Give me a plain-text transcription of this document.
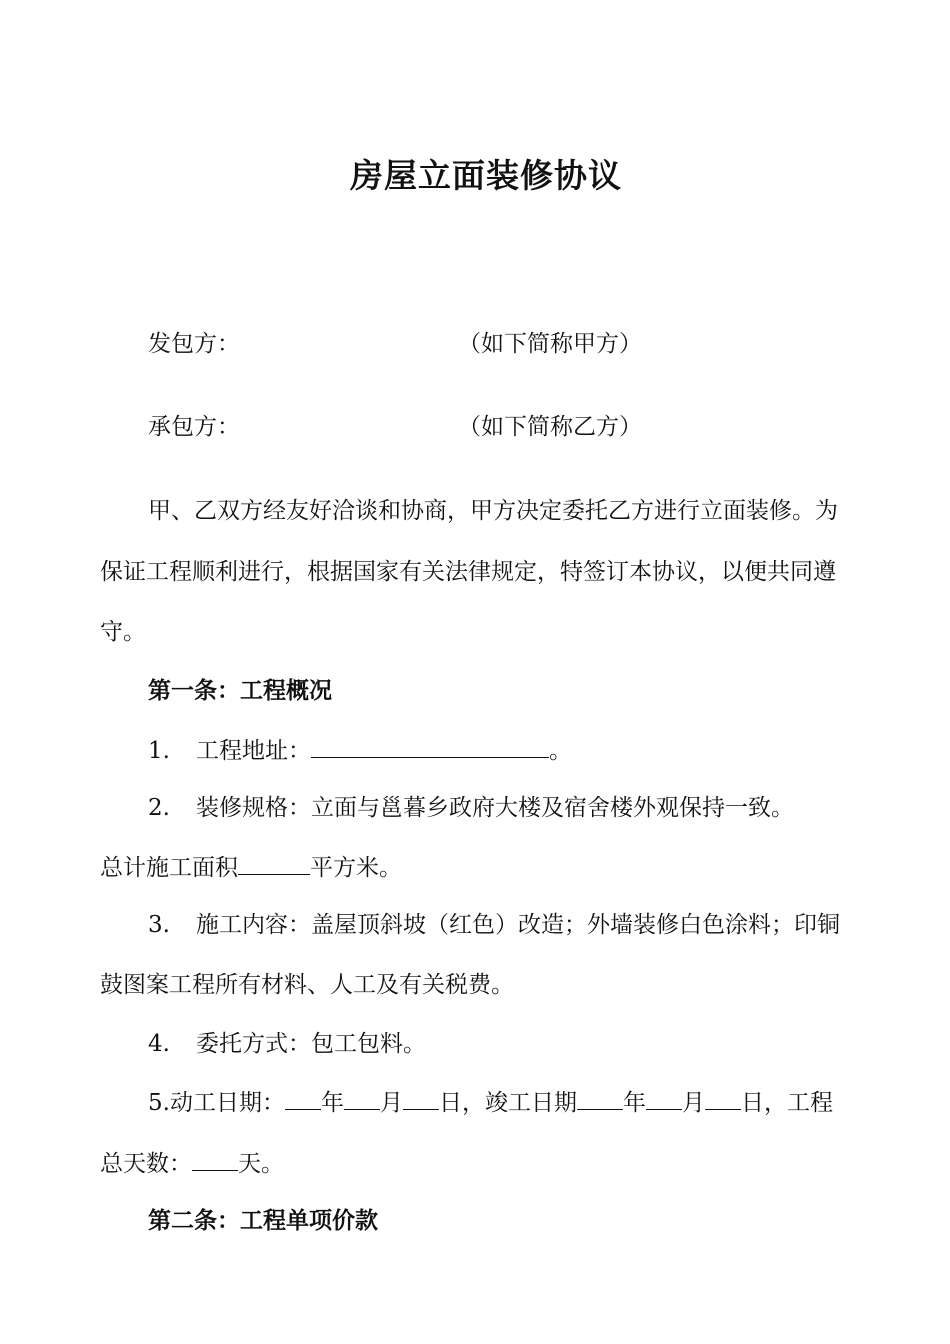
房屋立面装修协议
发包方：	（如下简称甲方）
承包方：	（如下简称乙方）
甲、乙双方经友好洽谈和协商，甲方决定委托乙方进行立面装修。为
保证工程顺利进行，根据国家有关法律规定，特签订本协议，以便共同遵
守。
第一条：工程概况
1. 工程地址：	。
2. 装修规格：立面与邕暮乡政府大楼及宿舍楼外观保持一致。
总计施工面积	平方米。
3. 施工内容：盖屋顶斜坡（红色）改造；外墙装修白色涂料；印铜
鼓图案工程所有材料、人工及有关税费。
4. 委托方式：包工包料。
5.动工日期： 年 月 日，竣工日期 年 月 日，工程
总天数： 天。
第二条：工程单项价款
